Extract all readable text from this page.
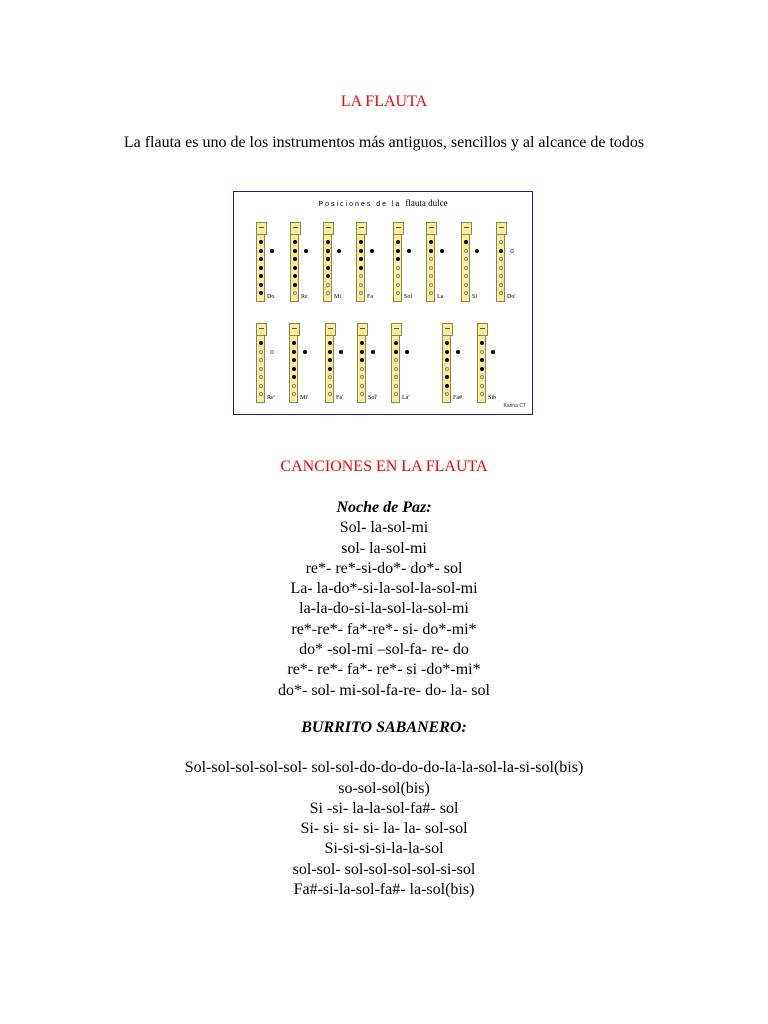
LA FLAUTA
La flauta es uno de los instrumentos más antiguos, sencillos y al alcance de todos
Posiciones de la flauta dulce
Karina CT
Do	Re	Mi	Fa	Sol	La	Si	Do'
Re'	Mi'	Fa'	Sol'	La'	Fa#	Sib
CANCIONES EN LA FLAUTA
Noche de Paz:
Sol- la-sol-mi
sol- la-sol-mi
re*- re*-si-do*- do*- sol
La- la-do*-si-la-sol-la-sol-mi
la-la-do-si-la-sol-la-sol-mi
re*-re*- fa*-re*- si- do*-mi*
do* -sol-mi –sol-fa- re- do
re*- re*- fa*- re*- si -do*-mi*
do*- sol- mi-sol-fa-re- do- la- sol
BURRITO SABANERO:
Sol-sol-sol-sol-sol- sol-sol-do-do-do-do-la-la-sol-la-si-sol(bis)
so-sol-sol(bis)
Si -si- la-la-sol-fa#- sol
Si- si- si- si- la- la- sol-sol
Si-si-si-si-la-la-sol
sol-sol- sol-sol-sol-sol-si-sol
Fa#-si-la-sol-fa#- la-sol(bis)
